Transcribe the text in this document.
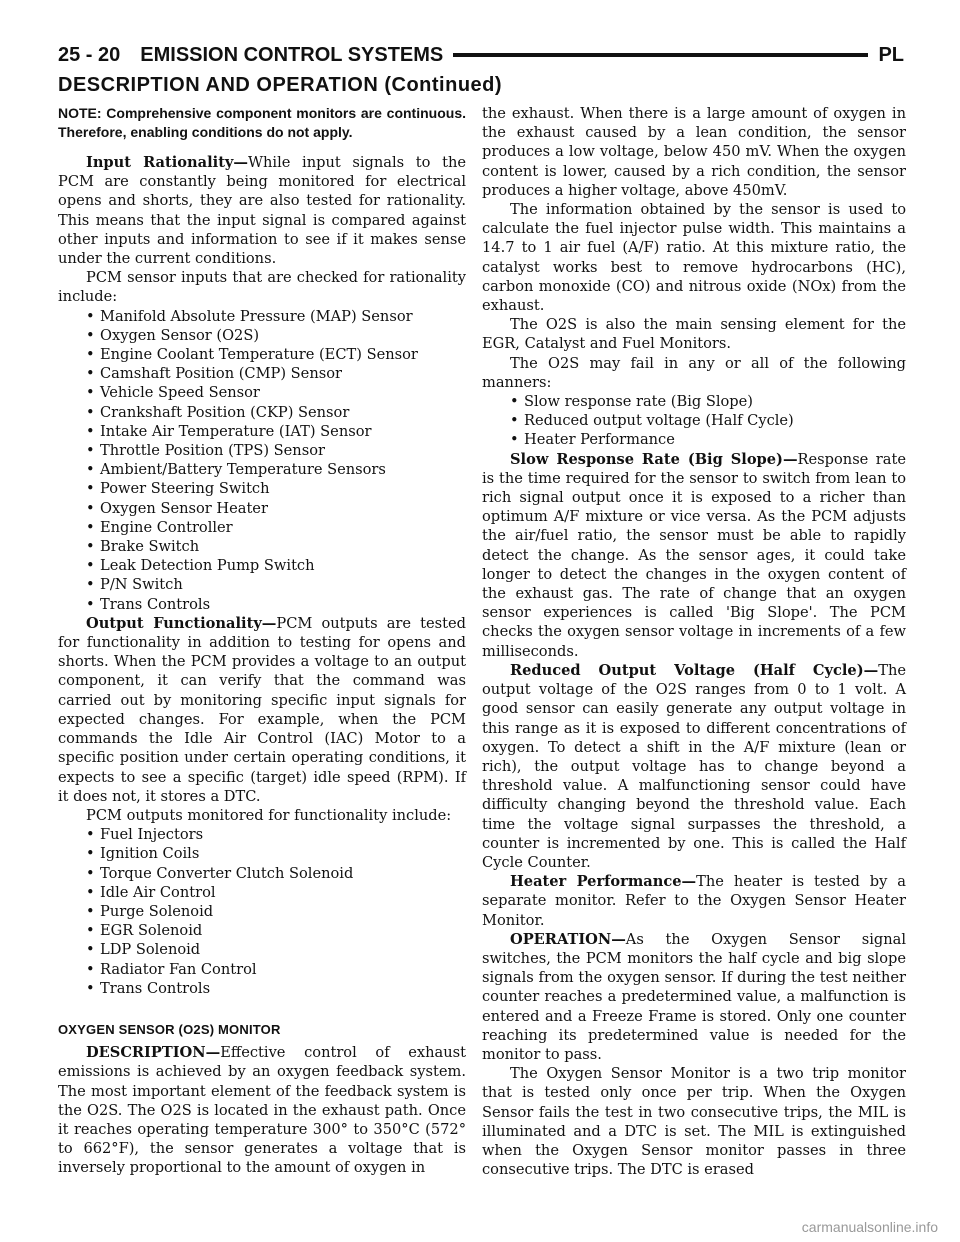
25 - 20 EMISSION CONTROL SYSTEMS	PL
DESCRIPTION AND OPERATION (Continued)

NOTE: Comprehensive component monitors are continuous. Therefore, enabling conditions do not apply.

Input Rationality—While input signals to the PCM are constantly being monitored for electrical opens and shorts, they are also tested for rationality. This means that the input signal is compared against other inputs and information to see if it makes sense under the current conditions.

PCM sensor inputs that are checked for rationality include:

• Manifold Absolute Pressure (MAP) Sensor
• Oxygen Sensor (O2S)
• Engine Coolant Temperature (ECT) Sensor
• Camshaft Position (CMP) Sensor
• Vehicle Speed Sensor
• Crankshaft Position (CKP) Sensor
• Intake Air Temperature (IAT) Sensor
• Throttle Position (TPS) Sensor
• Ambient/Battery Temperature Sensors
• Power Steering Switch
• Oxygen Sensor Heater
• Engine Controller
• Brake Switch
• Leak Detection Pump Switch
• P/N Switch
• Trans Controls

Output Functionality—PCM outputs are tested for functionality in addition to testing for opens and shorts. When the PCM provides a voltage to an output component, it can verify that the command was carried out by monitoring specific input signals for expected changes. For example, when the PCM commands the Idle Air Control (IAC) Motor to a specific position under certain operating conditions, it expects to see a specific (target) idle speed (RPM). If it does not, it stores a DTC.

PCM outputs monitored for functionality include:

• Fuel Injectors
• Ignition Coils
• Torque Converter Clutch Solenoid
• Idle Air Control
• Purge Solenoid
• EGR Solenoid
• LDP Solenoid
• Radiator Fan Control
• Trans Controls
OXYGEN SENSOR (O2S) MONITOR

DESCRIPTION—Effective control of exhaust emissions is achieved by an oxygen feedback system. The most important element of the feedback system is the O2S. The O2S is located in the exhaust path. Once it reaches operating temperature 300° to 350°C (572° to 662°F), the sensor generates a voltage that is inversely proportional to the amount of oxygen in

the exhaust. When there is a large amount of oxygen in the exhaust caused by a lean condition, the sensor produces a low voltage, below 450 mV. When the oxygen content is lower, caused by a rich condition, the sensor produces a higher voltage, above 450mV.

The information obtained by the sensor is used to calculate the fuel injector pulse width. This maintains a 14.7 to 1 air fuel (A/F) ratio. At this mixture ratio, the catalyst works best to remove hydrocarbons (HC), carbon monoxide (CO) and nitrous oxide (NOx) from the exhaust.

The O2S is also the main sensing element for the EGR, Catalyst and Fuel Monitors.

The O2S may fail in any or all of the following manners:

• Slow response rate (Big Slope)
• Reduced output voltage (Half Cycle)
• Heater Performance

Slow Response Rate (Big Slope)—Response rate is the time required for the sensor to switch from lean to rich signal output once it is exposed to a richer than optimum A/F mixture or vice versa. As the PCM adjusts the air/fuel ratio, the sensor must be able to rapidly detect the change. As the sensor ages, it could take longer to detect the changes in the oxygen content of the exhaust gas. The rate of change that an oxygen sensor experiences is called 'Big Slope'. The PCM checks the oxygen sensor voltage in increments of a few milliseconds.

Reduced Output Voltage (Half Cycle)—The output voltage of the O2S ranges from 0 to 1 volt. A good sensor can easily generate any output voltage in this range as it is exposed to different concentrations of oxygen. To detect a shift in the A/F mixture (lean or rich), the output voltage has to change beyond a threshold value. A malfunctioning sensor could have difficulty changing beyond the threshold value. Each time the voltage signal surpasses the threshold, a counter is incremented by one. This is called the Half Cycle Counter.

Heater Performance—The heater is tested by a separate monitor. Refer to the Oxygen Sensor Heater Monitor.

OPERATION—As the Oxygen Sensor signal switches, the PCM monitors the half cycle and big slope signals from the oxygen sensor. If during the test neither counter reaches a predetermined value, a malfunction is entered and a Freeze Frame is stored. Only one counter reaching its predetermined value is needed for the monitor to pass.

The Oxygen Sensor Monitor is a two trip monitor that is tested only once per trip. When the Oxygen Sensor fails the test in two consecutive trips, the MIL is illuminated and a DTC is set. The MIL is extinguished when the Oxygen Sensor monitor passes in three consecutive trips. The DTC is erased

carmanualsonline.info
